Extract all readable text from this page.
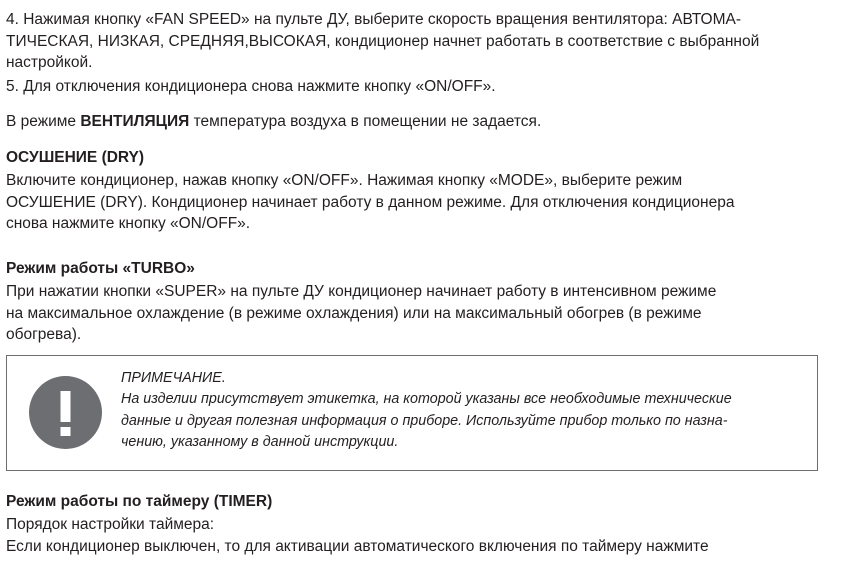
4. Нажимая кнопку «FAN SPEED» на пульте ДУ, выберите скорость вращения вентилятора: АВТОМА-
ТИЧЕСКАЯ, НИЗКАЯ, СРЕДНЯЯ,ВЫСОКАЯ, кондиционер начнет работать в соответствие с выбранной
настройкой.
5. Для отключения кондиционера снова нажмите кнопку «ON/OFF».
В режиме ВЕНТИЛЯЦИЯ температура воздуха в помещении не задается.
ОСУШЕНИЕ (DRY)
Включите кондиционер, нажав кнопку «ON/OFF». Нажимая кнопку «MODE», выберите режим
ОСУШЕНИЕ (DRY). Кондиционер начинает работу в данном режиме. Для отключения кондиционера
снова нажмите кнопку «ON/OFF».
Режим работы «TURBO»
При нажатии кнопки «SUPER» на пульте ДУ кондиционер начинает работу в интенсивном режиме
на максимальное охлаждение (в режиме охлаждения) или на максимальный обогрев (в режиме
обогрева).
ПРИМЕЧАНИЕ.
На изделии присутствует этикетка, на которой указаны все необходимые технические
данные и другая полезная информация о приборе. Используйте прибор только по назна-
чению, указанному в данной инструкции.
Режим работы по таймеру (TIMER)
Порядок настройки таймера:
Если кондиционер выключен, то для активации автоматического включения по таймеру нажмите
